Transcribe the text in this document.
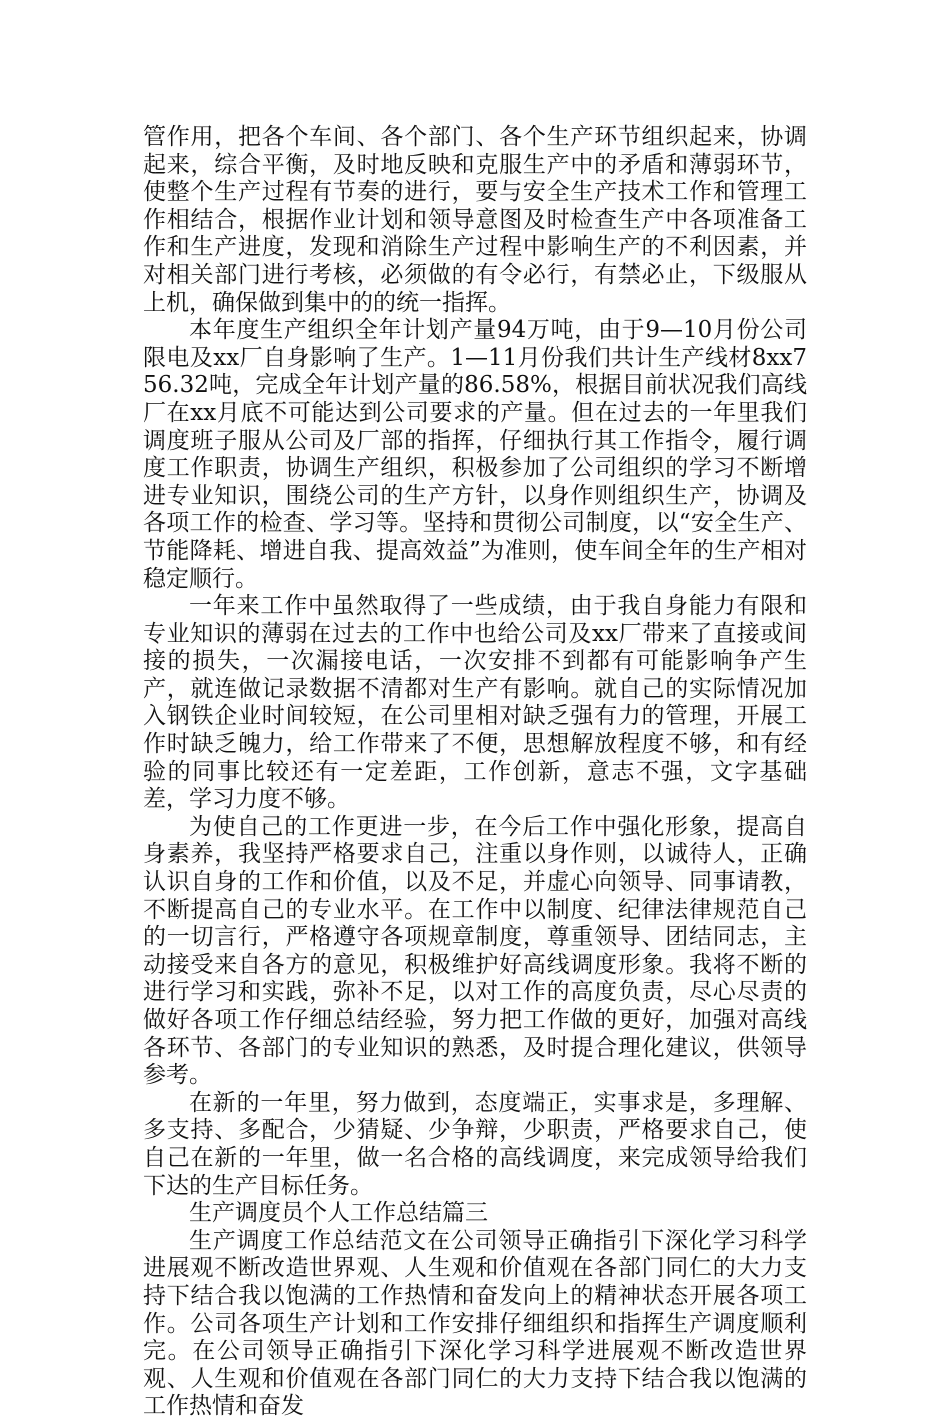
管作用，把各个车间、各个部门、各个生产环节组织起来，协调起来，综合平衡，及时地反映和克服生产中的矛盾和薄弱环节，使整个生产过程有节奏的进行，要与安全生产技术工作和管理工作相结合，根据作业计划和领导意图及时检查生产中各项准备工作和生产进度，发现和消除生产过程中影响生产的不利因素，并对相关部门进行考核，必须做的有令必行，有禁必止，下级服从上机，确保做到集中的的统一指挥。

本年度生产组织全年计划产量94万吨，由于9—10月份公司限电及xx厂自身影响了生产。1—11月份我们共计生产线材8xx756.32吨，完成全年计划产量的86.58%，根据目前状况我们高线厂在xx月底不可能达到公司要求的产量。但在过去的一年里我们调度班子服从公司及厂部的指挥，仔细执行其工作指令，履行调度工作职责，协调生产组织，积极参加了公司组织的学习不断增进专业知识，围绕公司的生产方针，以身作则组织生产，协调及各项工作的检查、学习等。坚持和贯彻公司制度，以“安全生产、节能降耗、增进自我、提高效益”为准则，使车间全年的生产相对稳定顺行。

一年来工作中虽然取得了一些成绩，由于我自身能力有限和专业知识的薄弱在过去的工作中也给公司及xx厂带来了直接或间接的损失，一次漏接电话，一次安排不到都有可能影响争产生产，就连做记录数据不清都对生产有影响。就自己的实际情况加入钢铁企业时间较短，在公司里相对缺乏强有力的管理，开展工作时缺乏魄力，给工作带来了不便，思想解放程度不够，和有经验的同事比较还有一定差距，工作创新，意志不强，文字基础差，学习力度不够。

为使自己的工作更进一步，在今后工作中强化形象，提高自身素养，我坚持严格要求自己，注重以身作则，以诚待人，正确认识自身的工作和价值，以及不足，并虚心向领导、同事请教，不断提高自己的专业水平。在工作中以制度、纪律法律规范自己的一切言行，严格遵守各项规章制度，尊重领导、团结同志，主动接受来自各方的意见，积极维护好高线调度形象。我将不断的进行学习和实践，弥补不足，以对工作的高度负责，尽心尽责的做好各项工作仔细总结经验，努力把工作做的更好，加强对高线各环节、各部门的专业知识的熟悉，及时提合理化建议，供领导参考。

在新的一年里，努力做到，态度端正，实事求是，多理解、多支持、多配合，少猜疑、少争辩，少职责，严格要求自己，使自己在新的一年里，做一名合格的高线调度，来完成领导给我们下达的生产目标任务。

生产调度员个人工作总结篇三

生产调度工作总结范文在公司领导正确指引下深化学习科学进展观不断改造世界观、人生观和价值观在各部门同仁的大力支持下结合我以饱满的工作热情和奋发向上的精神状态开展各项工作。公司各项生产计划和工作安排仔细组织和指挥生产调度顺利完。在公司领导正确指引下深化学习科学进展观不断改造世界观、人生观和价值观在各部门同仁的大力支持下结合我以饱满的工作热情和奋发
